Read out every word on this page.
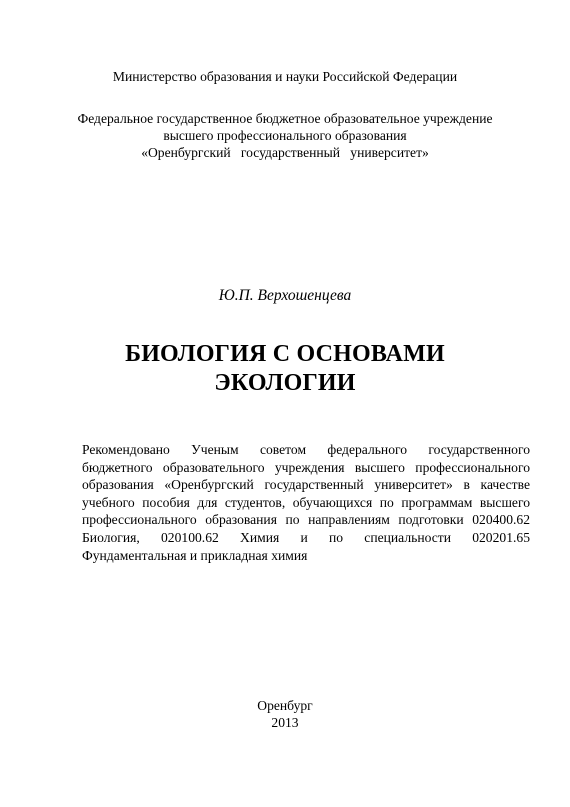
Министерство образования и науки Российской Федерации
Федеральное государственное бюджетное образовательное учреждение
высшего профессионального образования
«Оренбургский   государственный   университет»
Ю.П. Верхошенцева
БИОЛОГИЯ С ОСНОВАМИ
ЭКОЛОГИИ
Рекомендовано Ученым советом федерального государственного бюджетного образовательного учреждения высшего профессионального образования «Оренбургский государственный университет» в качестве учебного пособия для студентов, обучающихся по программам высшего профессионального образования по направлениям подготовки 020400.62 Биология, 020100.62 Химия и по специальности 020201.65 Фундаментальная и прикладная химия
Оренбург
2013
